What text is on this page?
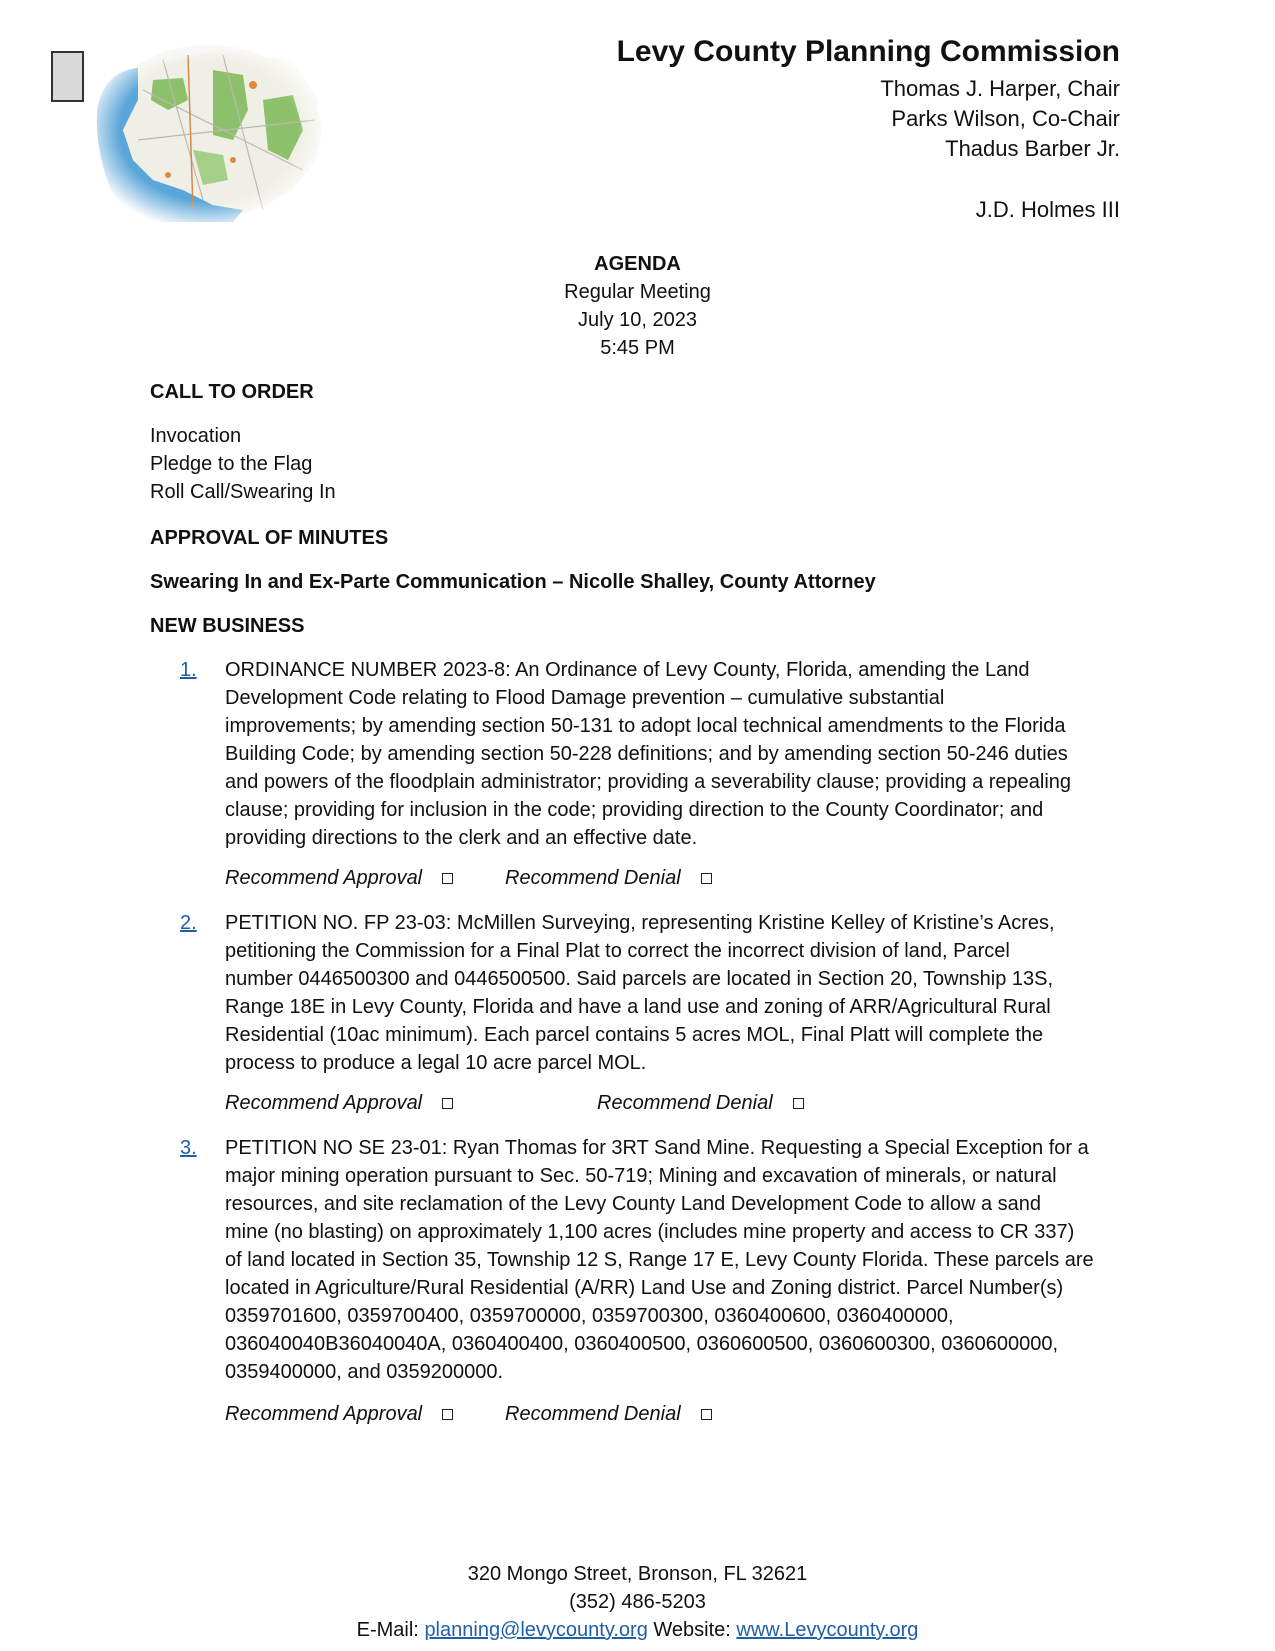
Levy County Planning Commission
Thomas J. Harper, Chair
Parks Wilson, Co-Chair
Thadus Barber Jr.
J.D. Holmes III
AGENDA
Regular Meeting
July 10, 2023
5:45 PM
CALL TO ORDER
Invocation
Pledge to the Flag
Roll Call/Swearing In
APPROVAL OF MINUTES
Swearing In and Ex-Parte Communication – Nicolle Shalley, County Attorney
NEW BUSINESS
1. ORDINANCE NUMBER 2023-8: An Ordinance of Levy County, Florida, amending the Land
Development Code relating to Flood Damage prevention – cumulative substantial
improvements; by amending section 50-131 to adopt local technical amendments to the Florida
Building Code; by amending section 50-228 definitions; and by amending section 50-246 duties
and powers of the floodplain administrator; providing a severability clause; providing a repealing
clause; providing for inclusion in the code; providing direction to the County Coordinator; and
providing directions to the clerk and an effective date.
Recommend Approval	Recommend Denial
2. PETITION NO. FP 23-03: McMillen Surveying, representing Kristine Kelley of Kristine’s Acres,
petitioning the Commission for a Final Plat to correct the incorrect division of land, Parcel
number 0446500300 and 0446500500. Said parcels are located in Section 20, Township 13S,
Range 18E in Levy County, Florida and have a land use and zoning of ARR/Agricultural Rural
Residential (10ac minimum). Each parcel contains 5 acres MOL, Final Platt will complete the
process to produce a legal 10 acre parcel MOL.
Recommend Approval	Recommend Denial
3. PETITION NO SE 23-01: Ryan Thomas for 3RT Sand Mine. Requesting a Special Exception for a
major mining operation pursuant to Sec. 50-719; Mining and excavation of minerals, or natural
resources, and site reclamation of the Levy County Land Development Code to allow a sand
mine (no blasting) on approximately 1,100 acres (includes mine property and access to CR 337)
of land located in Section 35, Township 12 S, Range 17 E, Levy County Florida. These parcels are
located in Agriculture/Rural Residential (A/RR) Land Use and Zoning district. Parcel Number(s)
0359701600, 0359700400, 0359700000, 0359700300, 0360400600, 0360400000,
036040040B36040040A, 0360400400, 0360400500, 0360600500, 0360600300, 0360600000,
0359400000, and 0359200000.
Recommend Approval	Recommend Denial
320 Mongo Street, Bronson, FL 32621
(352) 486-5203
E-Mail: planning@levycounty.org Website: www.Levycounty.org
